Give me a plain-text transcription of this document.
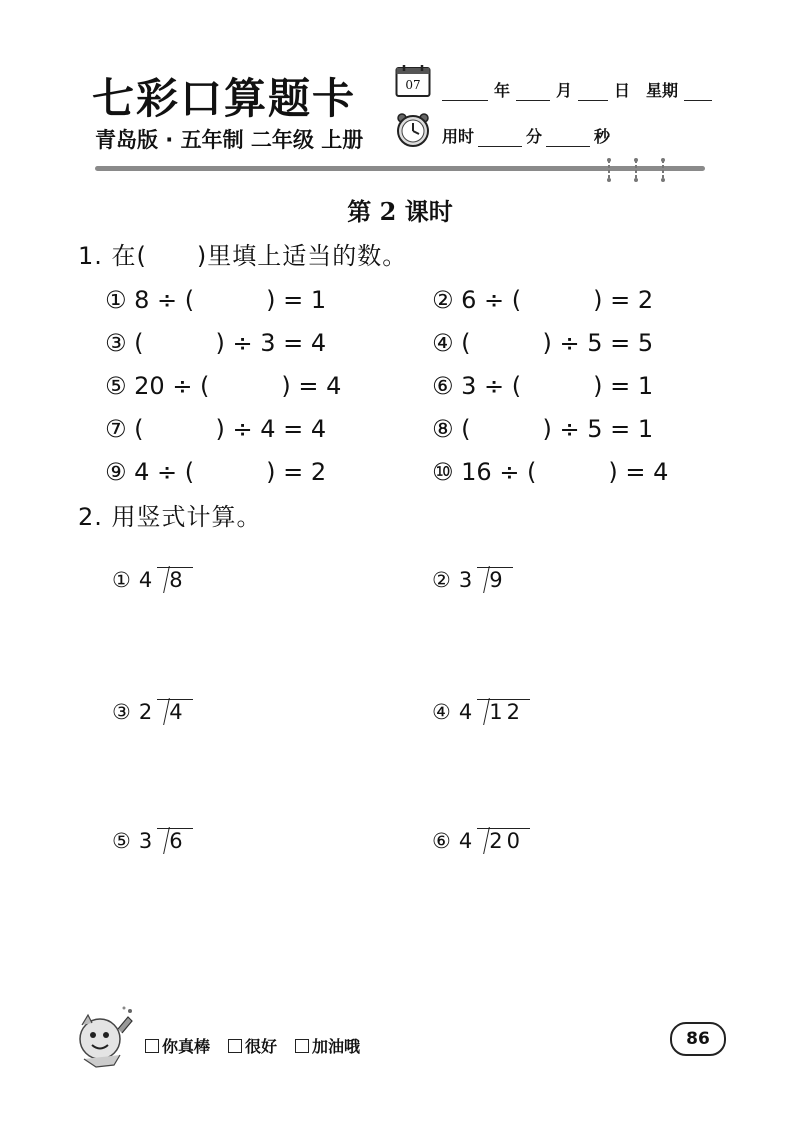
七彩口算题卡
青岛版 · 五年制 二年级 上册
07	年	月	日 星期
用时	分	秒
第 2 课时
1. 在(　　)里填上适当的数。
① 8 ÷ (　　　) = 1	② 6 ÷ (　　　) = 2
③ (　　　) ÷ 3 = 4	④ (　　　) ÷ 5 = 5
⑤ 20 ÷ (　　　) = 4	⑥ 3 ÷ (　　　) = 1
⑦ (　　　) ÷ 4 = 4	⑧ (　　　) ÷ 5 = 1
⑨ 4 ÷ (　　　) = 2	⑩ 16 ÷ (　　　) = 4
2. 用竖式计算。
① 4 8	② 3 9
③ 2 4	④ 4 12
⑤ 3 6	⑥ 4 20
你真棒 很好 加油哦	86
